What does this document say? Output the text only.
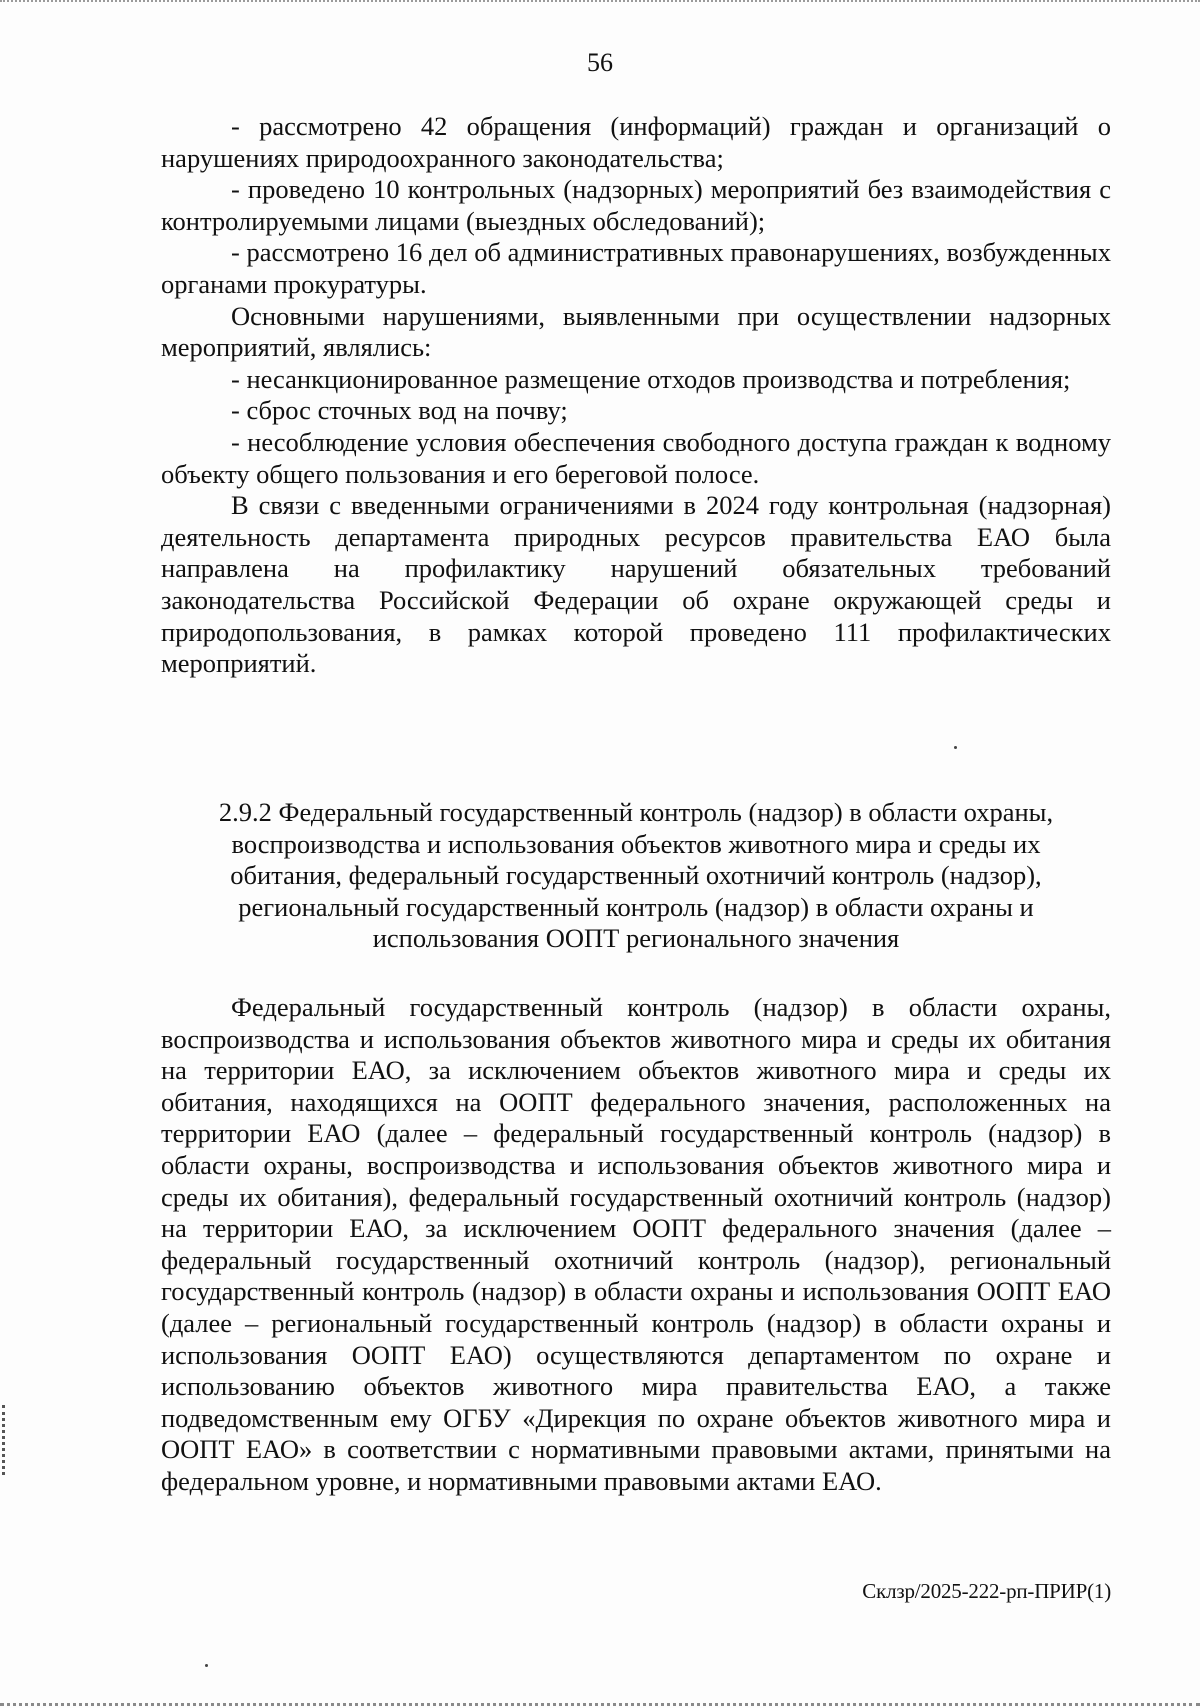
56

- рассмотрено 42 обращения (информаций) граждан и организаций о нарушениях природоохранного законодательства;

- проведено 10 контрольных (надзорных) мероприятий без взаимодействия с контролируемыми лицами (выездных обследований);

- рассмотрено 16 дел об административных правонарушениях, возбужденных органами прокуратуры.

Основными нарушениями, выявленными при осуществлении надзорных мероприятий, являлись:

- несанкционированное размещение отходов производства и потребления;

- сброс сточных вод на почву;

- несоблюдение условия обеспечения свободного доступа граждан к водному объекту общего пользования и его береговой полосе.

В связи с введенными ограничениями в 2024 году контрольная (надзорная) деятельность департамента природных ресурсов правительства ЕАО была направлена на профилактику нарушений обязательных требований законодательства Российской Федерации об охране окружающей среды и природопользования, в рамках которой проведено 111 профилактических мероприятий.

2.9.2 Федеральный государственный контроль (надзор) в области охраны,
воспроизводства и использования объектов животного мира и среды их
обитания, федеральный государственный охотничий контроль (надзор),
региональный государственный контроль (надзор) в области охраны и
использования ООПТ регионального значения

Федеральный государственный контроль (надзор) в области охраны, воспроизводства и использования объектов животного мира и среды их обитания на территории ЕАО, за исключением объектов животного мира и среды их обитания, находящихся на ООПТ федерального значения, расположенных на территории ЕАО (далее – федеральный государственный контроль (надзор) в области охраны, воспроизводства и использования объектов животного мира и среды их обитания), федеральный государственный охотничий контроль (надзор) на территории ЕАО, за исключением ООПТ федерального значения (далее – федеральный государственный охотничий контроль (надзор), региональный государственный контроль (надзор) в области охраны и использования ООПТ ЕАО (далее – региональный государственный контроль (надзор) в области охраны и использования ООПТ ЕАО) осуществляются департаментом по охране и использованию объектов животного мира правительства ЕАО, а также подведомственным ему ОГБУ «Дирекция по охране объектов животного мира и ООПТ ЕАО» в соответствии с нормативными правовыми актами, принятыми на федеральном уровне, и нормативными правовыми актами ЕАО.

Склзр/2025-222-рп-ПРИР(1)
